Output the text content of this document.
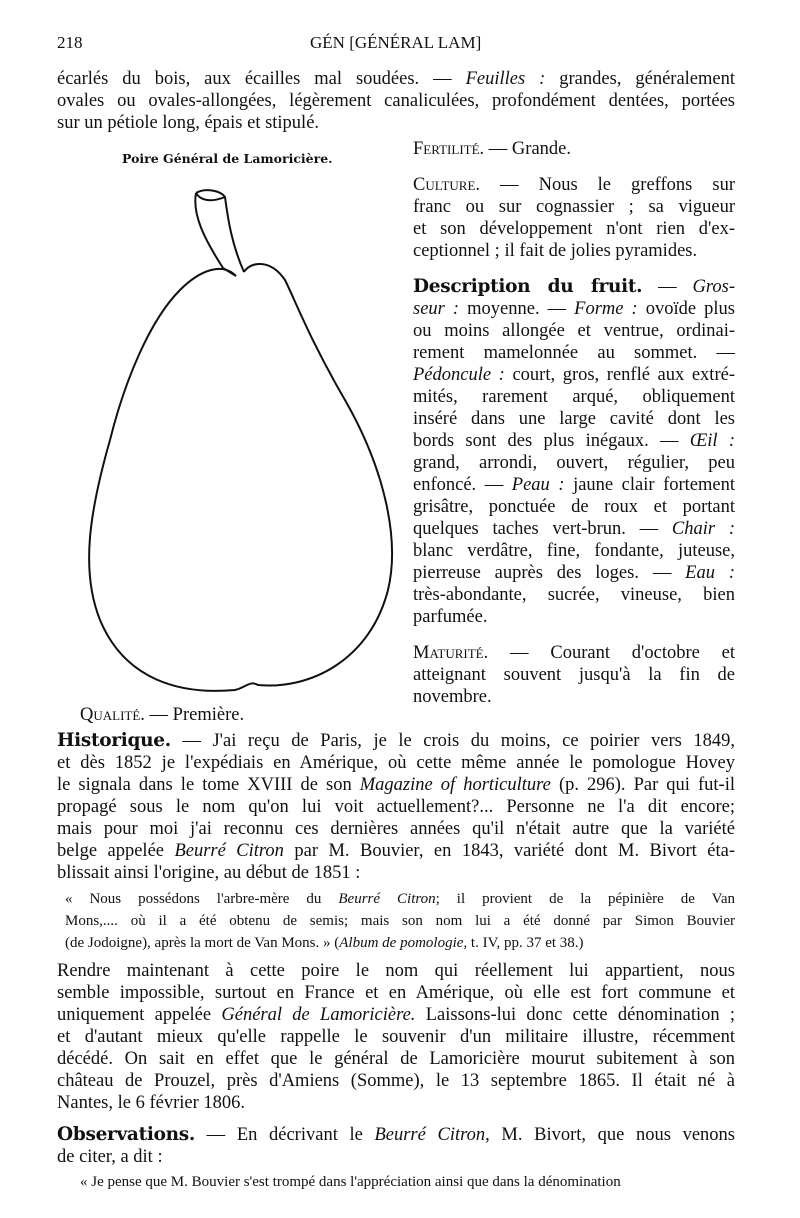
218	GÉN [GÉNÉRAL LAM]
écarlés du bois, aux écailles mal soudées. — Feuilles : grandes, généralement
ovales ou ovales-allongées, légèrement canaliculées, profondément dentées, portées
sur un pétiole long, épais et stipulé.
Poire Général de Lamoricière.	Fertilité. — Grande.
Culture. — Nous le greffons sur
franc ou sur cognassier ; sa vigueur
et son développement n'ont rien d'ex-
ceptionnel ; il fait de jolies pyramides.
Description du fruit. — Gros-
seur : moyenne. — Forme : ovoïde plus
ou moins allongée et ventrue, ordinai-
rement mamelonnée au sommet. —
Pédoncule : court, gros, renflé aux extré-
mités, rarement arqué, obliquement
inséré dans une large cavité dont les
bords sont des plus inégaux. — Œil :
grand, arrondi, ouvert, régulier, peu
enfoncé. — Peau : jaune clair fortement
grisâtre, ponctuée de roux et portant
quelques taches vert-brun. — Chair :
blanc verdâtre, fine, fondante, juteuse,
pierreuse auprès des loges. — Eau :
très-abondante, sucrée, vineuse, bien
parfumée.
Maturité. — Courant d'octobre et
atteignant souvent jusqu'à la fin de
novembre.
Qualité. — Première.
Historique. — J'ai reçu de Paris, je le crois du moins, ce poirier vers 1849,
et dès 1852 je l'expédiais en Amérique, où cette même année le pomologue Hovey
le signala dans le tome XVIII de son Magazine of horticulture (p. 296). Par qui fut-il
propagé sous le nom qu'on lui voit actuellement?... Personne ne l'a dit encore;
mais pour moi j'ai reconnu ces dernières années qu'il n'était autre que la variété
belge appelée Beurré Citron par M. Bouvier, en 1843, variété dont M. Bivort éta-
blissait ainsi l'origine, au début de 1851 :
« Nous possédons l'arbre-mère du Beurré Citron; il provient de la pépinière de Van
Mons,.... où il a été obtenu de semis; mais son nom lui a été donné par Simon Bouvier
(de Jodoigne), après la mort de Van Mons. » (Album de pomologie, t. IV, pp. 37 et 38.)
Rendre maintenant à cette poire le nom qui réellement lui appartient, nous
semble impossible, surtout en France et en Amérique, où elle est fort commune et
uniquement appelée Général de Lamoricière. Laissons-lui donc cette dénomination ;
et d'autant mieux qu'elle rappelle le souvenir d'un militaire illustre, récemment
décédé. On sait en effet que le général de Lamoricière mourut subitement à son
château de Prouzel, près d'Amiens (Somme), le 13 septembre 1865. Il était né à
Nantes, le 6 février 1806.
Observations. — En décrivant le Beurré Citron, M. Bivort, que nous venons
de citer, a dit :
« Je pense que M. Bouvier s'est trompé dans l'appréciation ainsi que dans la dénomination
